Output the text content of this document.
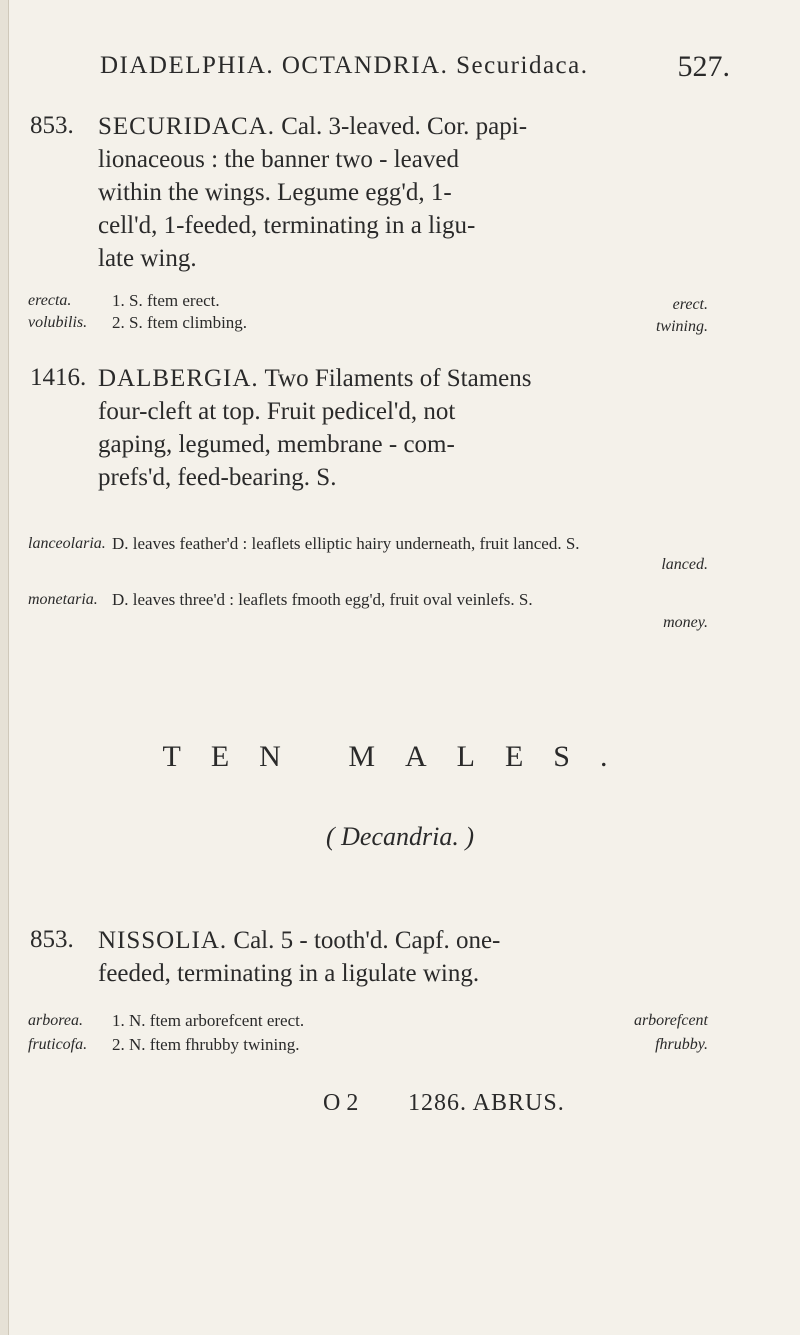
DIADELPHIA. OCTANDRIA. Securidaca.	527.
853. SECURIDACA. Cal. 3-leaved. Cor. papi-
lionaceous : the banner two - leaved
within the wings. Legume egg'd, 1-
cell'd, 1-feeded, terminating in a ligu-
late wing.
erecta. 1. S. ftem erect.	erect.
volubilis. 2. S. ftem climbing.	twining.
1416. DALBERGIA. Two Filaments of Stamens
four-cleft at top. Fruit pedicel'd, not
gaping, legumed, membrane - com-
prefs'd, feed-bearing. S.
lanceolaria. D. leaves feather'd : leaflets elliptic hairy underneath, fruit lanced. S.
lanced.
monetaria. D. leaves three'd : leaflets fmooth egg'd, fruit oval veinlefs. S.
money.
TEN MALES.
( Decandria. )
853. NISSOLIA. Cal. 5 - tooth'd. Capf. one-
feeded, terminating in a ligulate wing.
arborea. 1. N. ftem arborefcent erect.	arborefcent
fruticofa. 2. N. ftem fhrubby twining.	fhrubby.
O 2 1286. ABRUS.
